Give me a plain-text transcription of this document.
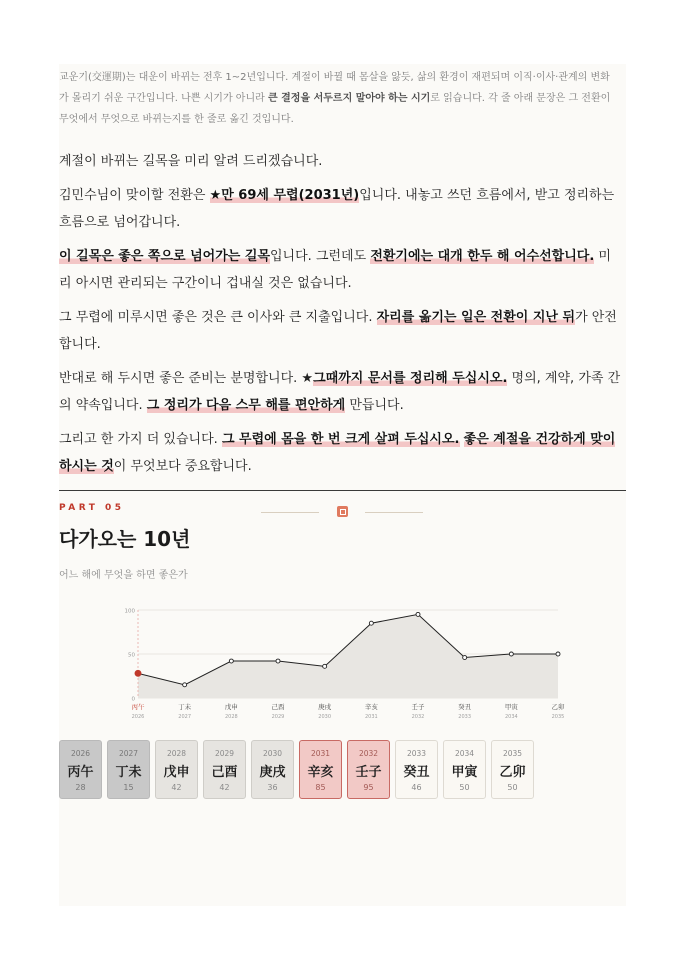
교운기(交運期)는 대운이 바뀌는 전후 1~2년입니다. 계절이 바뀔 때 몸살을 앓듯, 삶의 환경이 재편되며 이직·이사·관계의 변화가 몰리기 쉬운 구간입니다. 나쁜 시기가 아니라 큰 결정을 서두르지 말아야 하는 시기로 읽습니다. 각 줄 아래 문장은 그 전환이 무엇에서 무엇으로 바뀌는지를 한 줄로 옮긴 것입니다.

계절이 바뀌는 길목을 미리 알려 드리겠습니다.

김민수님이 맞이할 전환은 ★만 69세 무렵(2031년)입니다. 내놓고 쓰던 흐름에서, 받고 정리하는 흐름으로 넘어갑니다.

이 길목은 좋은 쪽으로 넘어가는 길목입니다. 그런데도 전환기에는 대개 한두 해 어수선합니다. 미리 아시면 관리되는 구간이니 겁내실 것은 없습니다.

그 무렵에 미루시면 좋은 것은 큰 이사와 큰 지출입니다. 자리를 옮기는 일은 전환이 지난 뒤가 안전합니다.

반대로 해 두시면 좋은 준비는 분명합니다. ★그때까지 문서를 정리해 두십시오. 명의, 계약, 가족 간의 약속입니다. 그 정리가 다음 스무 해를 편안하게 만듭니다.

그리고 한 가지 더 있습니다. 그 무렵에 몸을 한 번 크게 살펴 두십시오. 좋은 계절을 건강하게 맞이하시는 것이 무엇보다 중요합니다.

PART 05
다가오는 10년
어느 해에 무엇을 하면 좋은가
0
50
100
丙午
2026
丁未
2027
戊申
2028
己酉
2029
庚戌
2030
辛亥
2031
壬子
2032
癸丑
2033
甲寅
2034
乙卯
2035
2026
丙午
28
2027
丁未
15
2028
戊申
42
2029
己酉
42
2030
庚戌
36
2031
辛亥
85
2032
壬子
95
2033
癸丑
46
2034
甲寅
50
2035
乙卯
50
